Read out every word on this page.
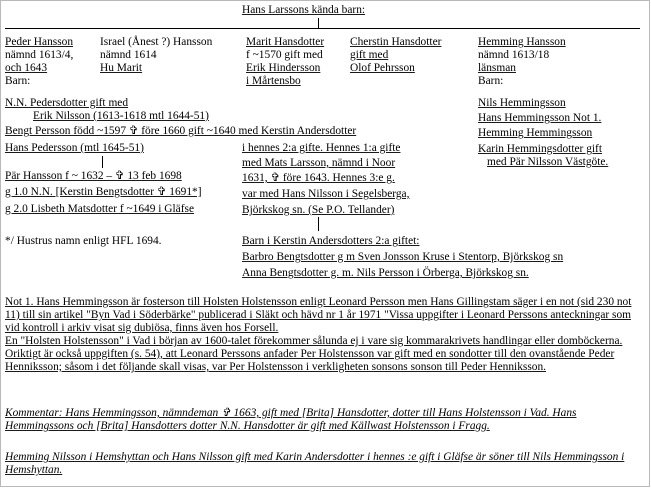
Hans Larssons kända barn:
Peder Hansson
nämnd 1613/4,
och 1643
Barn:
Israel (Ånest ?) Hansson
nämnd 1614
Hu Marit
Marit Hansdotter
f ~1570 gift med
Erik Hindersson
i Mårtensbo
Cherstin Hansdotter
gift med
Olof Pehrsson
Hemming Hansson
nämnd 1613/18
länsman
Barn:
N.N. Pedersdotter gift med
Erik Nilsson (1613-1618 mtl 1644-51)
Bengt Persson född ~1597 ✞ före 1660 gift ~1640 med Kerstin Andersdotter
Hans Pedersson (mtl 1645-51)
Pär Hansson f ~ 1632 – ✞ 13 feb 1698
g 1.0 N.N. [Kerstin Bengtsdotter ✞ 1691*]
g 2.0 Lisbeth Matsdotter f ~1649 i Gläfse
*/ Hustrus namn enligt HFL 1694.
Nils Hemmingsson
Hans Hemmingsson Not 1.
Hemming Hemmingsson
Karin Hemmingsdotter gift
med Pär Nilsson Västgöte.
i hennes 2:a gifte. Hennes 1:a gifte
med Mats Larsson, nämnd i Noor
1631, ✞ före 1643. Hennes 3:e g.
var med Hans Nilsson i Segelsberga,
Björkskog sn. (Se P.O. Tellander)
Barn i Kerstin Andersdotters 2:a giftet:
Barbro Bengtsdotter g m Sven Jonsson Kruse i Stentorp, Björkskog sn
Anna Bengtsdotter g. m. Nils Persson i Örberga, Björkskog sn.
Not 1. Hans Hemmingsson är fosterson till Holsten Holstensson enligt Leonard Persson men Hans Gillingstam säger i en not (sid 230 not 11) till sin artikel "Byn Vad i Söderbärke" publicerad i Släkt och hävd nr 1 år 1971 "Vissa uppgifter i Leonard Perssons anteckningar som vid kontroll i arkiv visat sig dubiösa, finns även hos Forsell.
En "Holsten Holstensson" i Vad i början av 1600-talet förekommer sålunda ej i vare sig kommarakrivets handlingar eller domböckerna. Oriktigt är också uppgiften (s. 54), att Leonard Perssons anfader Per Holstensson var gift med en sondotter till den ovanstående Peder Henniksson; såsom i det följande skall visas, var Per Holstensson i verkligheten sonsons sonson till Peder Henniksson.
Kommentar: Hans Hemmingsson, nämndeman ✞ 1663, gift med [Brita] Hansdotter, dotter till Hans Holstensson i Vad. Hans Hemmingssons och [Brita] Hansdotters dotter N.N. Hansdotter är gift med Källwast Holstensson i Fragg.
Hemming Nilsson i Hemshyttan och Hans Nilsson gift med Karin Andersdotter i hennes :e gift i Gläfse är söner till Nils Hemmingsson i Hemshyttan.
